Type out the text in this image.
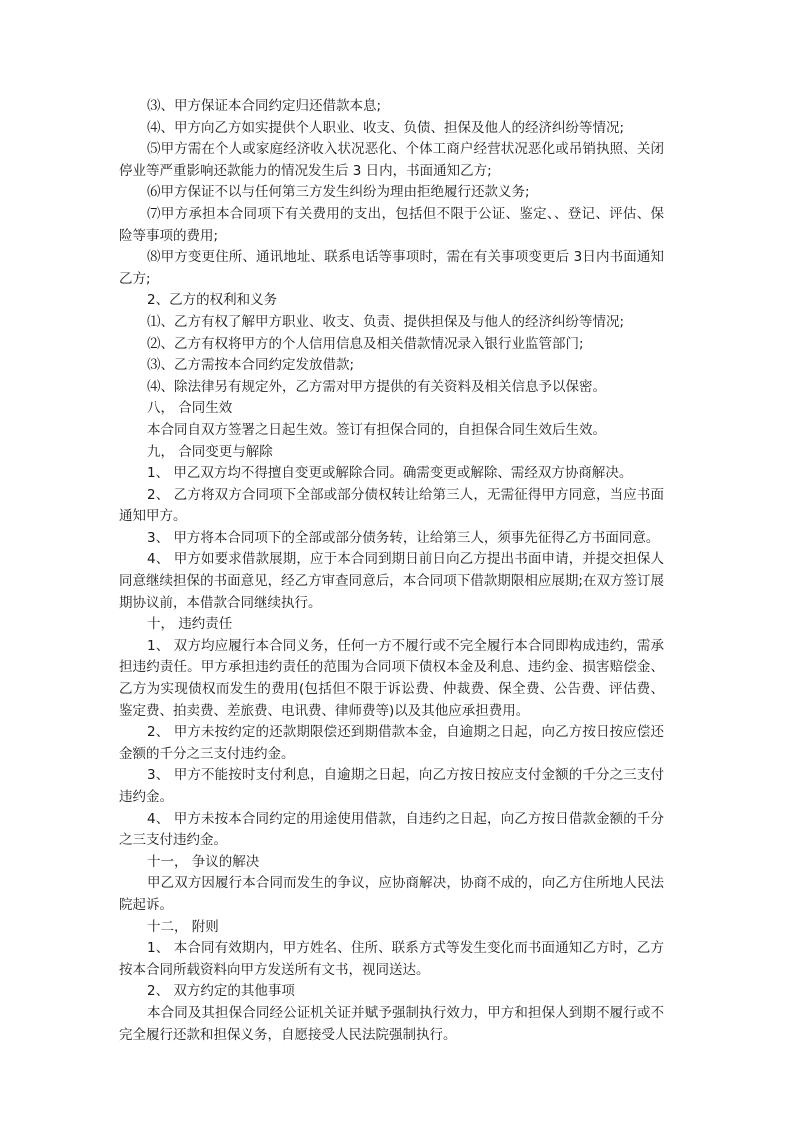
⑶、甲方保证本合同约定归还借款本息;

⑷、甲方向乙方如实提供个人职业、收支、负债、担保及他人的经济纠纷等情况;

⑸甲方需在个人或家庭经济收入状况恶化、个体工商户经营状况恶化或吊销执照、关闭停业等严重影响还款能力的情况发生后 3 日内，书面通知乙方;

⑹甲方保证不以与任何第三方发生纠纷为理由拒绝履行还款义务;

⑺甲方承担本合同项下有关费用的支出，包括但不限于公证、鉴定、、登记、评估、保险等事项的费用;

⑻甲方变更住所、通讯地址、联系电话等事项时，需在有关事项变更后 3日内书面通知乙方;

2、乙方的权利和义务

⑴、乙方有权了解甲方职业、收支、负责、提供担保及与他人的经济纠纷等情况;

⑵、乙方有权将甲方的个人信用信息及相关借款情况录入银行业监管部门;

⑶、乙方需按本合同约定发放借款;

⑷、除法律另有规定外，乙方需对甲方提供的有关资料及相关信息予以保密。

八， 合同生效

本合同自双方签署之日起生效。签订有担保合同的，自担保合同生效后生效。

九， 合同变更与解除

1、 甲乙双方均不得擅自变更或解除合同。确需变更或解除、需经双方协商解决。

2、 乙方将双方合同项下全部或部分债权转让给第三人，无需征得甲方同意，当应书面通知甲方。

3、 甲方将本合同项下的全部或部分债务转，让给第三人，须事先征得乙方书面同意。

4、 甲方如要求借款展期，应于本合同到期日前日向乙方提出书面申请，并提交担保人同意继续担保的书面意见，经乙方审查同意后，本合同项下借款期限相应展期;在双方签订展期协议前，本借款合同继续执行。

十， 违约责任

1、 双方均应履行本合同义务，任何一方不履行或不完全履行本合同即构成违约，需承担违约责任。甲方承担违约责任的范围为合同项下债权本金及利息、违约金、损害赔偿金、乙方为实现债权而发生的费用(包括但不限于诉讼费、仲裁费、保全费、公告费、评估费、鉴定费、拍卖费、差旅费、电讯费、律师费等)以及其他应承担费用。

2、 甲方未按约定的还款期限偿还到期借款本金，自逾期之日起，向乙方按日按应偿还金额的千分之三支付违约金。

3、 甲方不能按时支付利息，自逾期之日起，向乙方按日按应支付金额的千分之三支付违约金。

4、 甲方未按本合同约定的用途使用借款，自违约之日起，向乙方按日借款金额的千分之三支付违约金。

十一， 争议的解决

甲乙双方因履行本合同而发生的争议，应协商解决，协商不成的，向乙方住所地人民法院起诉。

十二， 附则

1、 本合同有效期内，甲方姓名、住所、联系方式等发生变化而书面通知乙方时，乙方按本合同所载资料向甲方发送所有文书，视同送达。

2、 双方约定的其他事项

本合同及其担保合同经公证机关证并赋予强制执行效力，甲方和担保人到期不履行或不完全履行还款和担保义务，自愿接受人民法院强制执行。
